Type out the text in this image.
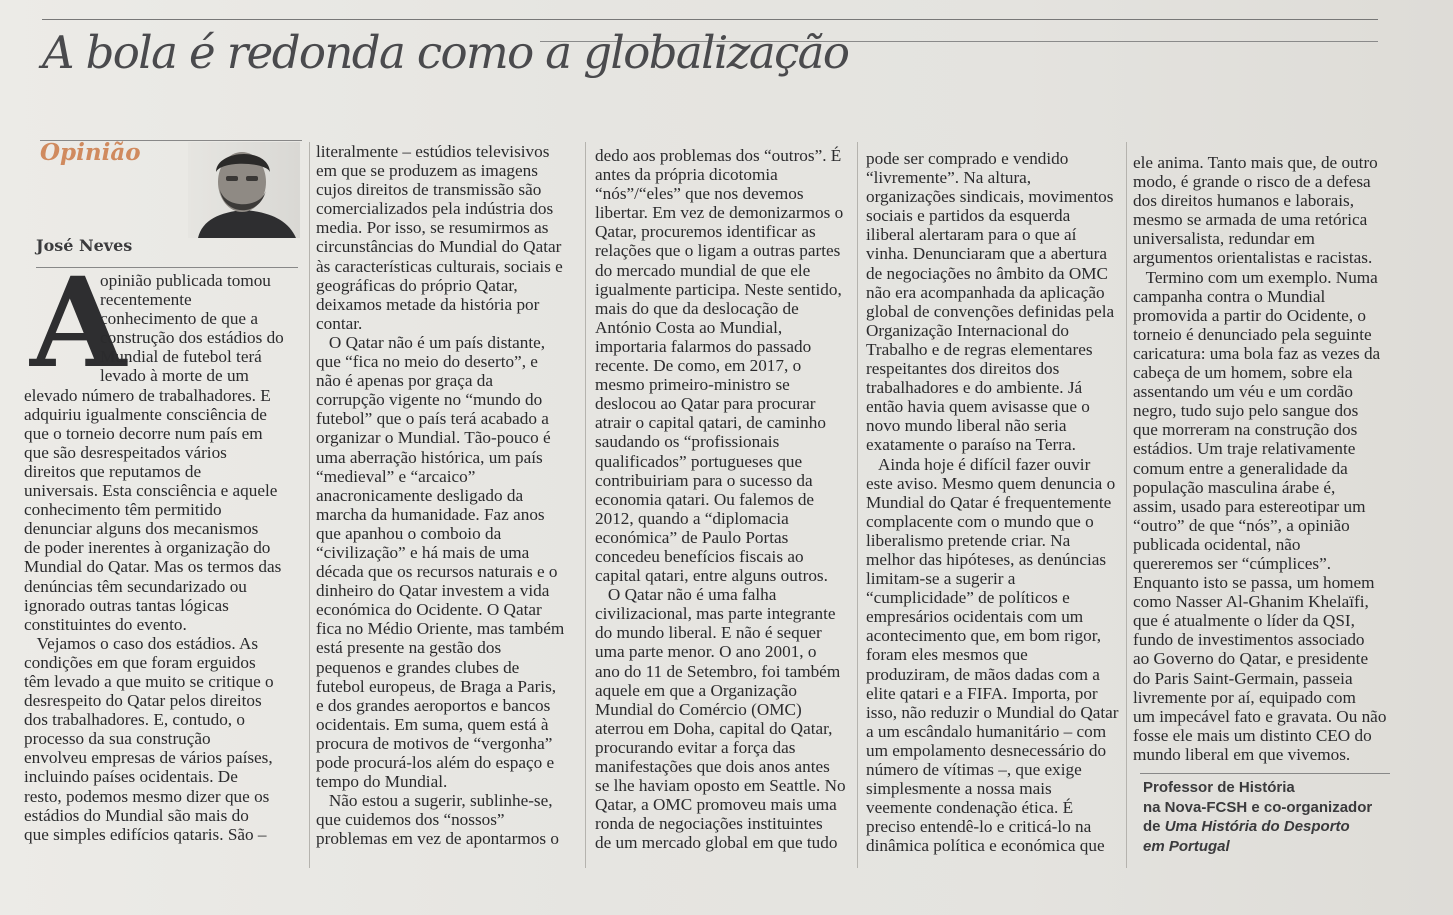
A bola é redonda como a globalização
Opinião
José Neves
A
opinião publicada tomou
recentemente
conhecimento de que a
construção dos estádios do
Mundial de futebol terá
levado à morte de um
elevado número de trabalhadores. E
adquiriu igualmente consciência de
que o torneio decorre num país em
que são desrespeitados vários
direitos que reputamos de
universais. Esta consciência e aquele
conhecimento têm permitido
denunciar alguns dos mecanismos
de poder inerentes à organização do
Mundial do Qatar. Mas os termos das
denúncias têm secundarizado ou
ignorado outras tantas lógicas
constituintes do evento.
Vejamos o caso dos estádios. As
condições em que foram erguidos
têm levado a que muito se critique o
desrespeito do Qatar pelos direitos
dos trabalhadores. E, contudo, o
processo da sua construção
envolveu empresas de vários países,
incluindo países ocidentais. De
resto, podemos mesmo dizer que os
estádios do Mundial são mais do
que simples edifícios qataris. São –
literalmente – estúdios televisivos
em que se produzem as imagens
cujos direitos de transmissão são
comercializados pela indústria dos
media. Por isso, se resumirmos as
circunstâncias do Mundial do Qatar
às características culturais, sociais e
geográficas do próprio Qatar,
deixamos metade da história por
contar.
O Qatar não é um país distante,
que “fica no meio do deserto”, e
não é apenas por graça da
corrupção vigente no “mundo do
futebol” que o país terá acabado a
organizar o Mundial. Tão-pouco é
uma aberração histórica, um país
“medieval” e “arcaico”
anacronicamente desligado da
marcha da humanidade. Faz anos
que apanhou o comboio da
“civilização” e há mais de uma
década que os recursos naturais e o
dinheiro do Qatar investem a vida
económica do Ocidente. O Qatar
fica no Médio Oriente, mas também
está presente na gestão dos
pequenos e grandes clubes de
futebol europeus, de Braga a Paris,
e dos grandes aeroportos e bancos
ocidentais. Em suma, quem está à
procura de motivos de “vergonha”
pode procurá-los além do espaço e
tempo do Mundial.
Não estou a sugerir, sublinhe-se,
que cuidemos dos “nossos”
problemas em vez de apontarmos o
dedo aos problemas dos “outros”. É
antes da própria dicotomia
“nós”/“eles” que nos devemos
libertar. Em vez de demonizarmos o
Qatar, procuremos identificar as
relações que o ligam a outras partes
do mercado mundial de que ele
igualmente participa. Neste sentido,
mais do que da deslocação de
António Costa ao Mundial,
importaria falarmos do passado
recente. De como, em 2017, o
mesmo primeiro-ministro se
deslocou ao Qatar para procurar
atrair o capital qatari, de caminho
saudando os “profissionais
qualificados” portugueses que
contribuiriam para o sucesso da
economia qatari. Ou falemos de
2012, quando a “diplomacia
económica” de Paulo Portas
concedeu benefícios fiscais ao
capital qatari, entre alguns outros.
O Qatar não é uma falha
civilizacional, mas parte integrante
do mundo liberal. E não é sequer
uma parte menor. O ano 2001, o
ano do 11 de Setembro, foi também
aquele em que a Organização
Mundial do Comércio (OMC)
aterrou em Doha, capital do Qatar,
procurando evitar a força das
manifestações que dois anos antes
se lhe haviam oposto em Seattle. No
Qatar, a OMC promoveu mais uma
ronda de negociações instituintes
de um mercado global em que tudo
pode ser comprado e vendido
“livremente”. Na altura,
organizações sindicais, movimentos
sociais e partidos da esquerda
iliberal alertaram para o que aí
vinha. Denunciaram que a abertura
de negociações no âmbito da OMC
não era acompanhada da aplicação
global de convenções definidas pela
Organização Internacional do
Trabalho e de regras elementares
respeitantes dos direitos dos
trabalhadores e do ambiente. Já
então havia quem avisasse que o
novo mundo liberal não seria
exatamente o paraíso na Terra.
Ainda hoje é difícil fazer ouvir
este aviso. Mesmo quem denuncia o
Mundial do Qatar é frequentemente
complacente com o mundo que o
liberalismo pretende criar. Na
melhor das hipóteses, as denúncias
limitam-se a sugerir a
“cumplicidade” de políticos e
empresários ocidentais com um
acontecimento que, em bom rigor,
foram eles mesmos que
produziram, de mãos dadas com a
elite qatari e a FIFA. Importa, por
isso, não reduzir o Mundial do Qatar
a um escândalo humanitário – com
um empolamento desnecessário do
número de vítimas –, que exige
simplesmente a nossa mais
veemente condenação ética. É
preciso entendê-lo e criticá-lo na
dinâmica política e económica que
ele anima. Tanto mais que, de outro
modo, é grande o risco de a defesa
dos direitos humanos e laborais,
mesmo se armada de uma retórica
universalista, redundar em
argumentos orientalistas e racistas.
Termino com um exemplo. Numa
campanha contra o Mundial
promovida a partir do Ocidente, o
torneio é denunciado pela seguinte
caricatura: uma bola faz as vezes da
cabeça de um homem, sobre ela
assentando um véu e um cordão
negro, tudo sujo pelo sangue dos
que morreram na construção dos
estádios. Um traje relativamente
comum entre a generalidade da
população masculina árabe é,
assim, usado para estereotipar um
“outro” de que “nós”, a opinião
publicada ocidental, não
quereremos ser “cúmplices”.
Enquanto isto se passa, um homem
como Nasser Al-Ghanim Khelaïfi,
que é atualmente o líder da QSI,
fundo de investimentos associado
ao Governo do Qatar, e presidente
do Paris Saint-Germain, passeia
livremente por aí, equipado com
um impecável fato e gravata. Ou não
fosse ele mais um distinto CEO do
mundo liberal em que vivemos.
Professor de História
na Nova-FCSH e co-organizador
de Uma História do Desporto
em Portugal
